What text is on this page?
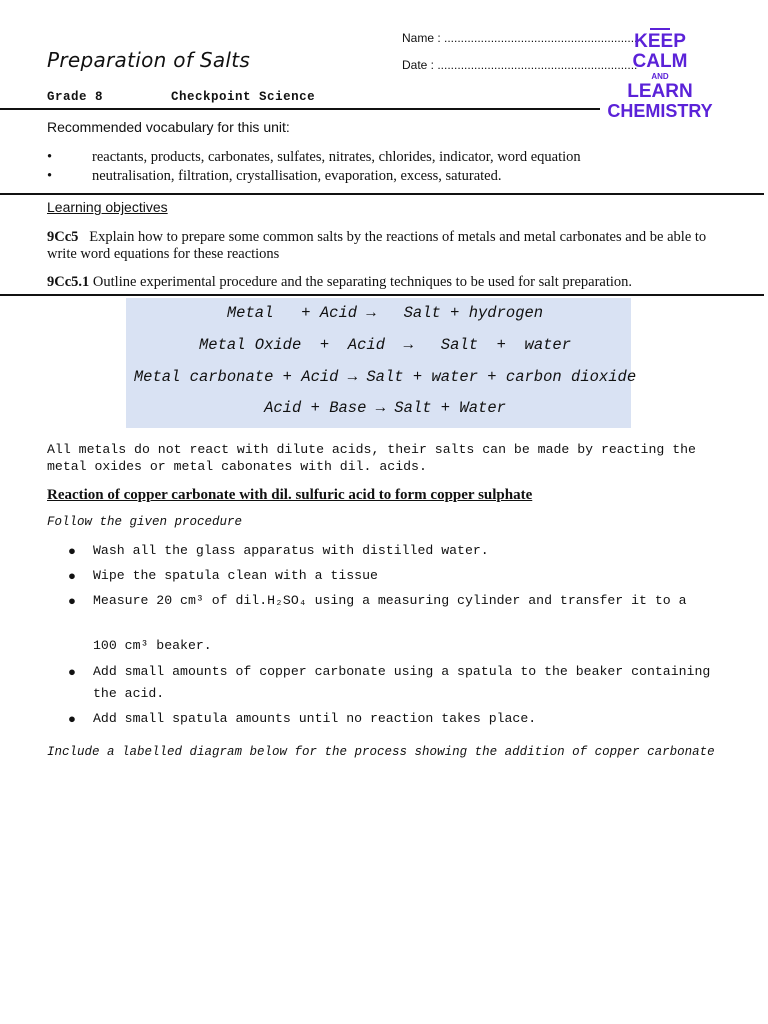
Preparation of Salts
Name : ..........................................................
Date : ............................................................
KEEP
CALM
AND
LEARN
CHEMISTRY
Grade 8	Checkpoint Science
Recommended vocabulary for this unit:
•	reactants, products, carbonates, sulfates, nitrates, chlorides, indicator, word equation
•	neutralisation, filtration, crystallisation, evaporation, excess, saturated.
Learning objectives
9Cc5 Explain how to prepare some common salts by the reactions of metals and metal carbonates and be able to write word equations for these reactions
9Cc5.1 Outline experimental procedure and the separating techniques to be used for salt preparation.
Metal   + Acid →   Salt + hydrogen
Metal Oxide  +  Acid  →   Salt  +  water
Metal carbonate + Acid → Salt + water + carbon dioxide
Acid + Base → Salt + Water
All metals do not react with dilute acids, their salts can be made by reacting the metal oxides or metal cabonates with dil. acids.
Reaction of copper carbonate with dil. sulfuric acid to form copper sulphate
Follow the given procedure
● Wash all the glass apparatus with distilled water.
● Wipe the spatula clean with a tissue
● Measure 20 cm³ of dil.H₂SO₄ using a measuring cylinder and transfer it to a
100 cm³ beaker.
● Add small amounts of copper carbonate using a spatula to the beaker containing the acid.
● Add small spatula amounts until no reaction takes place.
Include a labelled diagram below for the process showing the addition of copper carbonate
